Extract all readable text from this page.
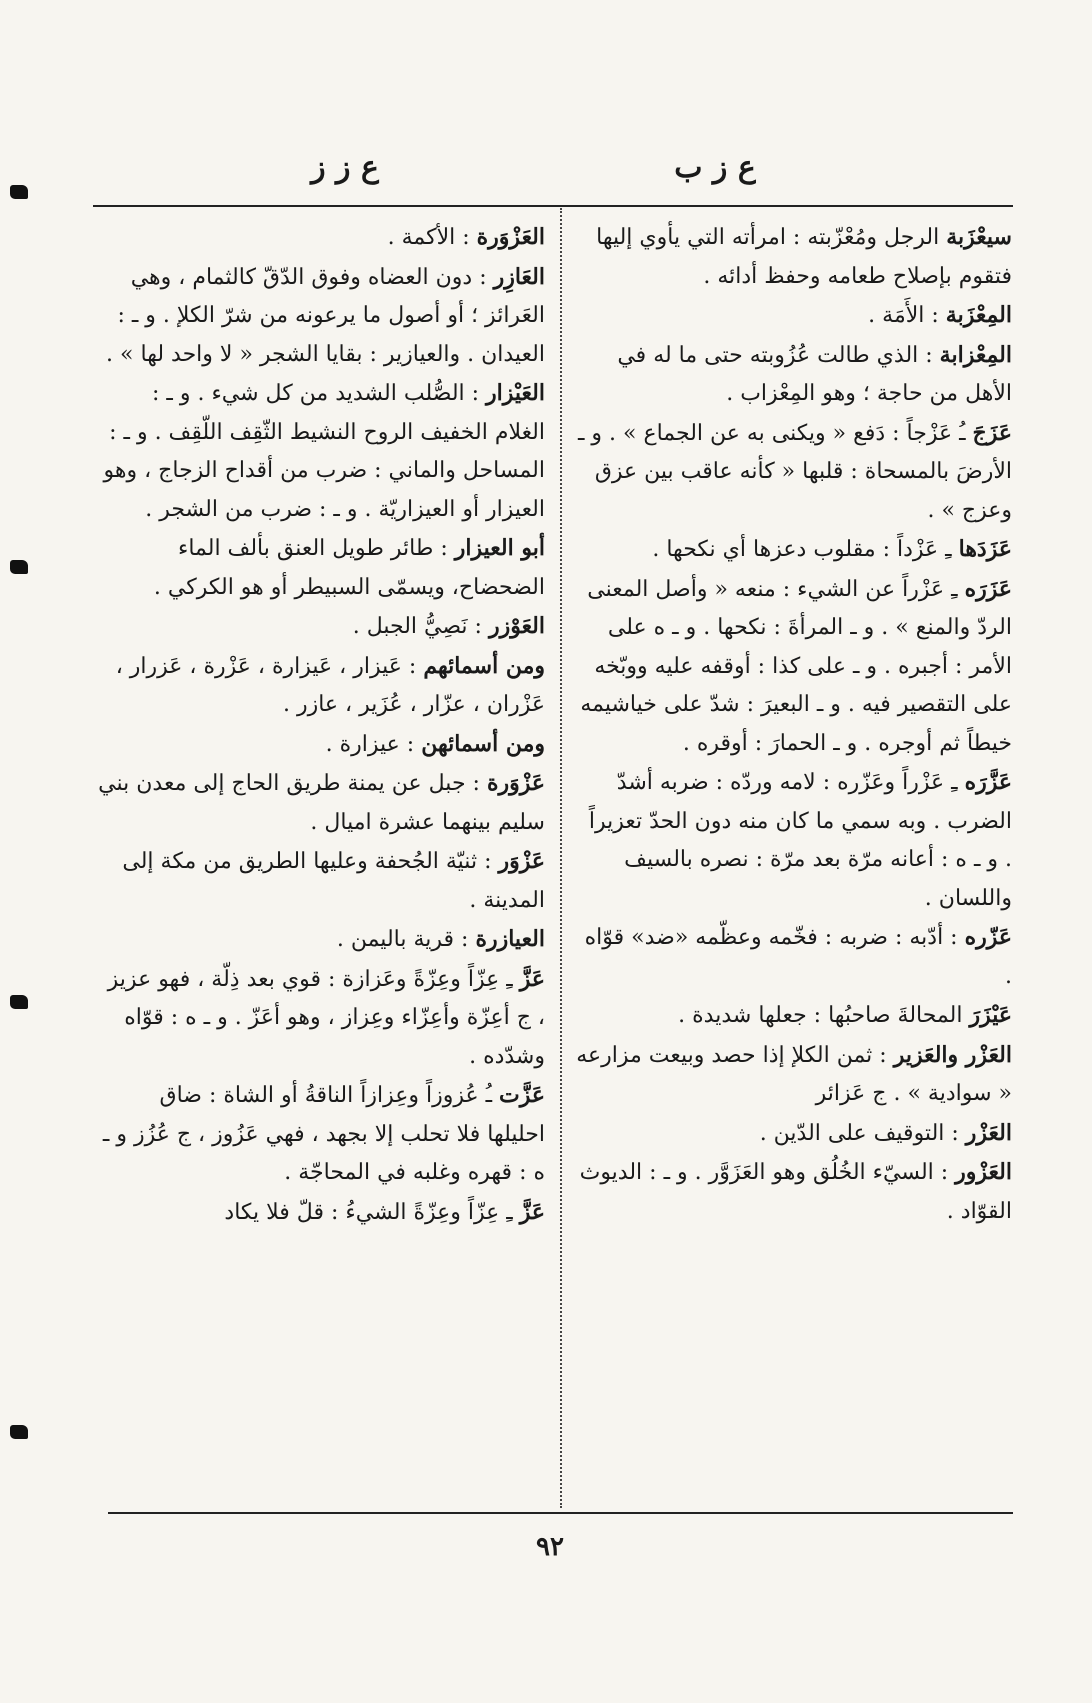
ع ز ب
ع ز ز

سيعْزَبة الرجل ومُعْزّبته : امرأته التي يأوي إليها فتقوم بإصلاح طعامه وحفظ أدائه .

المِعْزَبة : الأَمَة .

المِعْزابة : الذي طالت عُزُوبته حتى ما له في الأهل من حاجة ؛ وهو المِعْزاب .

عَزَجَ ـُ عَزْجاً : دَفع « ويكنى به عن الجماع » . و ـ الأرضَ بالمسحاة : قلبها « كأنه عاقب بين عزق وعزج » .

عَزَدَها ـِ عَزْداً : مقلوب دعزها أي نكحها .

عَزَرَه ـِ عَزْراً عن الشيء : منعه « وأصل المعنى الردّ والمنع » . و ـ المرأةَ : نكحها . و ـ ه على الأمر : أجبره . و ـ على كذا : أوقفه عليه ووبّخه على التقصير فيه . و ـ البعيرَ : شدّ على خياشيمه خيطاً ثم أوجره . و ـ الحمارَ : أوقره .

عَزَّرَه ـِ عَزْراً وعَزّره : لامه وردّه : ضربه أشدّ الضرب . وبه سمي ما كان منه دون الحدّ تعزيراً . و ـ ه : أعانه مرّة بعد مرّة : نصره بالسيف واللسان .

عَزّره : أدّبه : ضربه : فخّمه وعظّمه «ضد» قوّاه .

عَيْزَرَ المحالةَ صاحبُها : جعلها شديدة .

العَزْر والعَزير : ثمن الكلإ إذا حصد وبيعت مزارعه « سوادية » . ج عَزائر

العَزْر : التوقيف على الدّين .

العَزْور : السيّء الخُلُق وهو العَزَوَّر . و ـ : الديوث القوّاد .

العَزْوَرة : الأكمة .

العَازِر : دون العضاه وفوق الدّقّ كالثمام ، وهي العَرائز ؛ أو أصول ما يرعونه من شرّ الكلإ . و ـ : العيدان . والعيازير : بقايا الشجر « لا واحد لها » .

العَيْزار : الصُّلب الشديد من كل شيء . و ـ : الغلام الخفيف الروح النشيط الثّقِف اللّقِف . و ـ : المساحل والماني : ضرب من أقداح الزجاج ، وهو العيزار أو العيزاريّة . و ـ : ضرب من الشجر .

أبو العيزار : طائر طويل العنق بألف الماء الضحضاح، ويسمّى السبيطر أو هو الكركي .

العَوْزر : نَصِيُّ الجبل .

ومن أسمائهم : عَيزار ، عَيزارة ، عَزْرة ، عَزرار ، عَزْران ، عزّار ، عُزَير ، عازر .

ومن أسمائهن : عيزارة .

عَزْوَرة : جبل عن يمنة طريق الحاج إلى معدن بني سليم بينهما عشرة اميال .

عَزْوَر : ثنيّة الجُحفة وعليها الطريق من مكة إلى المدينة .

العيازرة : قرية باليمن .

عَزَّ ـِ عِزّاً وعِزّةً وعَزازة : قوي بعد ذِلّة ، فهو عزيز ، ج أعِزّة وأعِزّاء وعِزاز ، وهو أعَزّ . و ـ ه : قوّاه وشدّده .

عَزَّت ـُ عُزوزاً وعِزازاً الناقةُ أو الشاة : ضاق احليلها فلا تحلب إلا بجهد ، فهي عَزُوز ، ج عُزُز و ـ ه : قهره وغلبه في المحاجّة .

عَزَّ ـِ عِزّاً وعِزّةً الشيءُ : قلّ فلا يكاد

٩٢
